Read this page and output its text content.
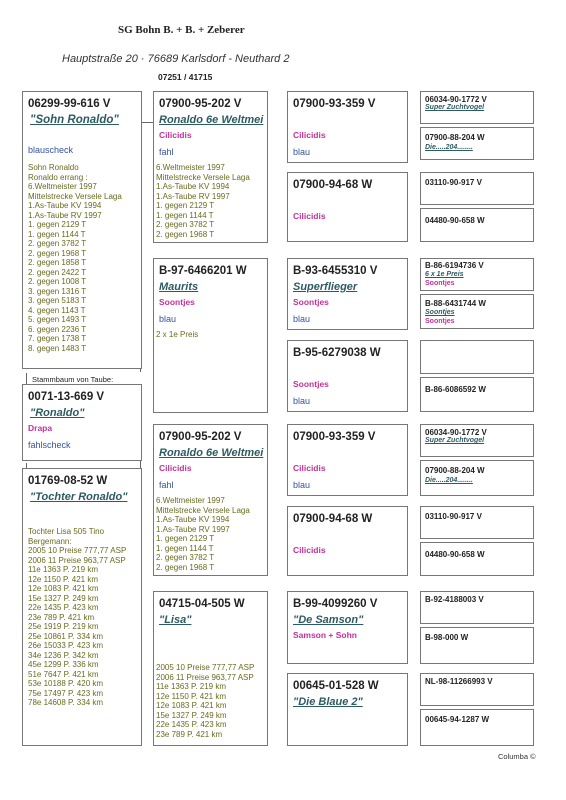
SG Bohn B. + B. + Zeberer
Hauptstraße 20 · 76689 Karlsdorf - Neuthard 2
07251 / 41715
06299-99-616 V
"Sohn Ronaldo"
blauscheck
Sohn Ronaldo
Ronaldo errang :
6.Weltmeister 1997
Mittelstrecke Versele Laga
1.As-Taube KV 1994
1.As-Taube RV 1997
1. gegen 2129 T
1. gegen 1144 T
2. gegen 3782 T
2. gegen 1968 T
2. gegen 1858 T
2. gegen 2422 T
2. gegen 1008 T
3. gegen 1316 T
3. gegen 5183 T
4. gegen 1143 T
5. gegen 1493 T
6. gegen 2236 T
7. gegen 1738 T
8. gegen 1483 T
Stammbaum von Taube:
0071-13-669 V
"Ronaldo"
Drapa
fahlscheck
01769-08-52 W
"Tochter Ronaldo"
Tochter Lisa 505 Tino
Bergemann:
2005 10 Preise 777,77 ASP
2006 11 Preise 963,77 ASP
11e 1363 P. 219 km
12e 1150 P. 421 km
12e 1083 P. 421 km
15e 1327 P. 249 km
22e 1435 P. 423 km
23e 789 P. 421 km
25e 1919 P. 219 km
25e 10861 P. 334 km
26e 15033 P. 423 km
34e 1236 P. 342 km
45e 1299 P. 336 km
51e 7647 P. 421 km
53e 10188 P. 420 km
75e 17497 P. 423 km
78e 14608 P. 334 km
07900-95-202 V
Ronaldo 6e Weltmei
Cilicidis
fahl
6.Weltmeister 1997
Mittelstrecke Versele Laga
1.As-Taube KV 1994
1.As-Taube RV 1997
1. gegen 2129 T
1. gegen 1144 T
2. gegen 3782 T
2. gegen 1968 T
B-97-6466201 W
Maurits
Soontjes
blau
2 x 1e Preis
07900-95-202 V
Ronaldo 6e Weltmei
Cilicidis
fahl
6.Weltmeister 1997
Mittelstrecke Versele Laga
1.As-Taube KV 1994
1.As-Taube RV 1997
1. gegen 2129 T
1. gegen 1144 T
2. gegen 3782 T
2. gegen 1968 T
04715-04-505 W
"Lisa"
2005 10 Preise 777,77 ASP
2006 11 Preise 963,77 ASP
11e 1363 P. 219 km
12e 1150 P. 421 km
12e 1083 P. 421 km
15e 1327 P. 249 km
22e 1435 P. 423 km
23e 789 P. 421 km
07900-93-359 V
Cilicidis
blau
07900-94-68 W
Cilicidis
B-93-6455310 V
Superflieger
Soontjes
blau
B-95-6279038 W
Soontjes
blau
07900-93-359 V
Cilicidis
blau
07900-94-68 W
Cilicidis
B-99-4099260 V
"De Samson"
Samson + Sohn
00645-01-528 W
"Die Blaue 2"
06034-90-1772 V
Super Zuchtvogel
07900-88-204 W
Die.....204........
03110-90-917 V
04480-90-658 W
B-86-6194736 V
6 x 1e Preis
Soontjes
B-88-6431744 W
Soontjes
Soontjes
B-86-6086592 W
06034-90-1772 V
Super Zuchtvogel
07900-88-204 W
Die.....204........
03110-90-917 V
04480-90-658 W
B-92-4188003 V
B-98-000 W
NL-98-11266993 V
00645-94-1287 W
Columba ©
